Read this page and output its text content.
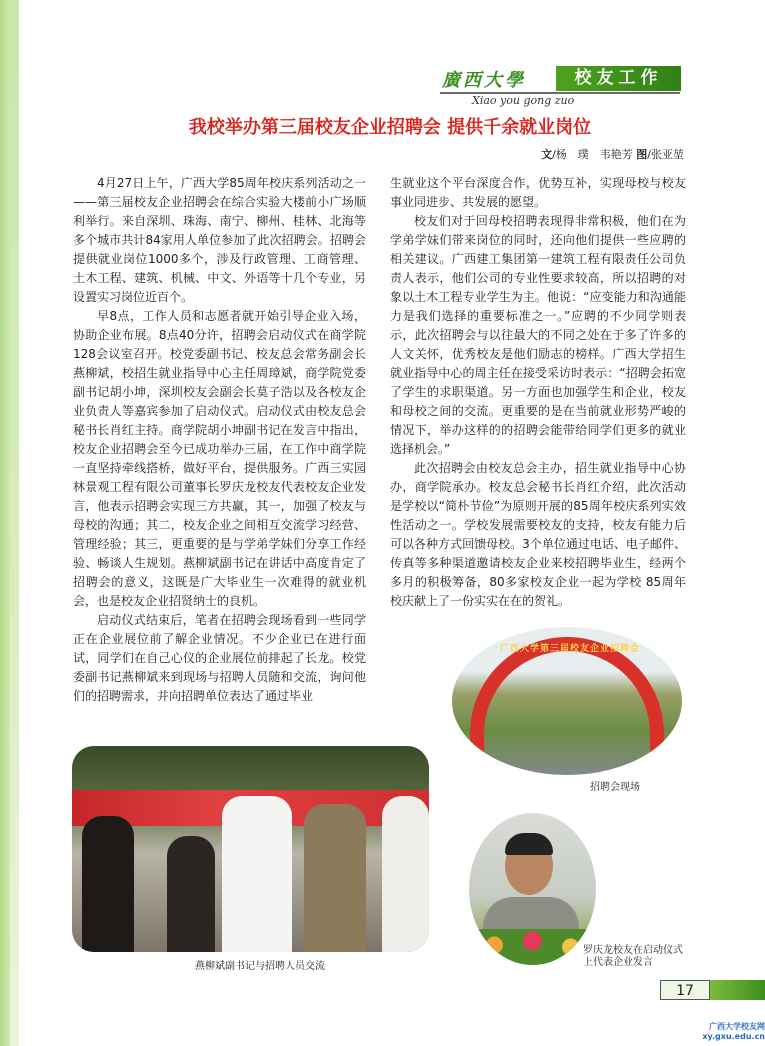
廣西大學	校友工作
Xiao you gong zuo
我校举办第三届校友企业招聘会 提供千余就业岗位
文/杨　璞　韦艳芳 图/张亚堃

4月27日上午，广西大学85周年校庆系列活动之一——第三届校友企业招聘会在综合实验大楼前小广场顺利举行。来自深圳、珠海、南宁、柳州、桂林、北海等多个城市共计84家用人单位参加了此次招聘会。招聘会提供就业岗位1000多个，涉及行政管理、工商管理、土木工程、建筑、机械、中文、外语等十几个专业，另设置实习岗位近百个。

早8点，工作人员和志愿者就开始引导企业入场，协助企业布展。8点40分许，招聘会启动仪式在商学院128会议室召开。校党委副书记、校友总会常务副会长燕柳斌，校招生就业指导中心主任周璋斌，商学院党委副书记胡小坤，深圳校友会副会长莫子浩以及各校友企业负责人等嘉宾参加了启动仪式。启动仪式由校友总会秘书长肖红主持。商学院胡小坤副书记在发言中指出，校友企业招聘会至今已成功举办三届，在工作中商学院一直坚持牵线搭桥，做好平台，提供服务。广西三实园林景观工程有限公司董事长罗庆龙校友代表校友企业发言，他表示招聘会实现三方共赢，其一，加强了校友与母校的沟通；其二，校友企业之间相互交流学习经营、管理经验；其三，更重要的是与学弟学妹们分享工作经验、畅谈人生规划。燕柳斌副书记在讲话中高度肯定了招聘会的意义，这既是广大毕业生一次难得的就业机会，也是校友企业招贤纳士的良机。

启动仪式结束后，笔者在招聘会现场看到一些同学正在企业展位前了解企业情况。不少企业已在进行面试，同学们在自己心仪的企业展位前排起了长龙。校党委副书记燕柳斌来到现场与招聘人员随和交流，询问他们的招聘需求，并向招聘单位表达了通过毕业

生就业这个平台深度合作，优势互补，实现母校与校友事业同进步、共发展的愿望。

校友们对于回母校招聘表现得非常积极，他们在为学弟学妹们带来岗位的同时，还向他们提供一些应聘的相关建议。广西建工集团第一建筑工程有限责任公司负责人表示，他们公司的专业性要求较高，所以招聘的对象以土木工程专业学生为主。他说：“应变能力和沟通能力是我们选择的重要标准之一。”应聘的不少同学则表示，此次招聘会与以往最大的不同之处在于多了许多的人文关怀，优秀校友是他们励志的榜样。广西大学招生就业指导中心的周主任在接受采访时表示：“招聘会拓宽了学生的求职渠道。另一方面也加强学生和企业，校友和母校之间的交流。更重要的是在当前就业形势严峻的情况下，举办这样的的招聘会能带给同学们更多的就业选择机会。”

此次招聘会由校友总会主办，招生就业指导中心协办，商学院承办。校友总会秘书长肖红介绍，此次活动是学校以“简朴节俭”为原则开展的85周年校庆系列实效性活动之一。学校发展需要校友的支持，校友有能力后可以各种方式回馈母校。3个单位通过电话、电子邮件、传真等多种渠道邀请校友企业来校招聘毕业生，经两个多月的积极筹备，80多家校友企业一起为学校 85周年校庆献上了一份实实在在的贺礼。

广西大学第三届校友企业招聘会
招聘会现场
燕柳斌副书记与招聘人员交流
罗庆龙校友在启动仪式
上代表企业发言
17
广西大学校友网
xy.gxu.edu.cn
